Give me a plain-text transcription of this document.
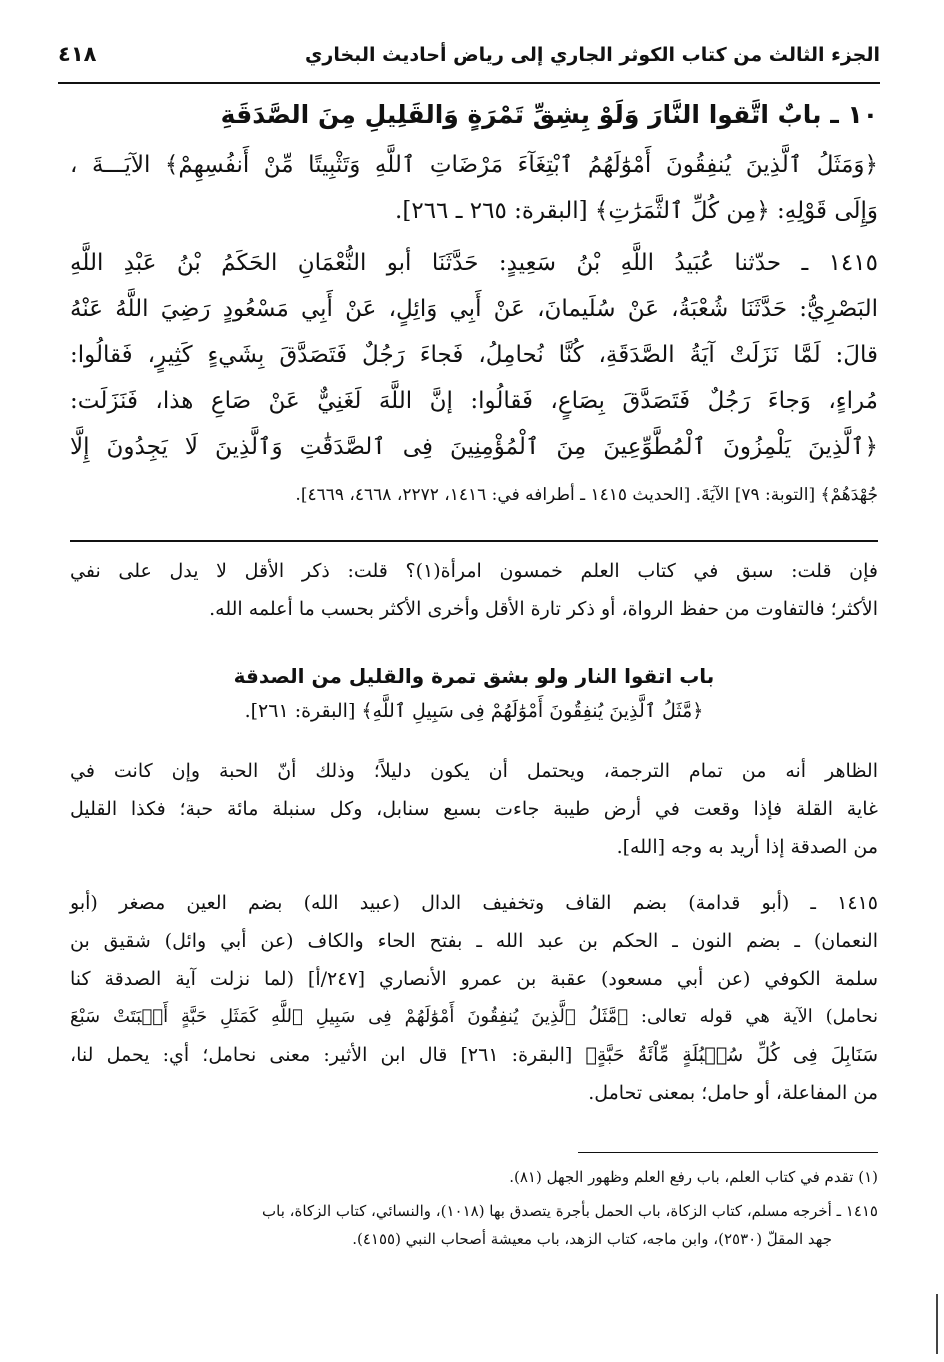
الجزء الثالث من كتاب الكوثر الجاري إلى رياض أحاديث البخاري
٤١٨
١٠ ـ بابٌ اتَّقوا النَّارَ وَلَوْ بِشِقِّ تَمْرَةٍ وَالقَلِيلِ مِنَ الصَّدَقَةِ
﴿وَمَثَلُ ٱلَّذِينَ يُنفِقُونَ أَمْوَٰلَهُمُ ٱبْتِغَآءَ مَرْضَاتِ ٱللَّهِ وَتَثْبِيتًا مِّنْ أَنفُسِهِمْ﴾ الآيَـــةَ ،
وَإِلَى قَوْلِهِ: ﴿مِن كُلِّ ٱلثَّمَرَٰتِ﴾ [البقرة: ٢٦٥ ـ ٢٦٦].
١٤١٥ ـ حدّثنا عُبَيدُ اللَّهِ بْنُ سَعِيدٍ: حَدَّثَنَا أبو النُّعْمَانِ الحَكَمُ بْنُ عَبْدِ اللَّهِ
البَصْرِيُّ: حَدَّثَنَا شُعْبَةُ، عَنْ سُلَيمانَ، عَنْ أَبِي وَائِلٍ، عَنْ أَبِي مَسْعُودٍ رَضِيَ اللَّهُ عَنْهُ
قالَ: لَمَّا نَزَلَتْ آيَةُ الصَّدَقَةِ، كُنَّا نُحامِلُ، فَجاءَ رَجُلٌ فَتَصَدَّقَ بِشَيءٍ كَثِيرٍ، فَقالُوا:
مُراءٍ، وَجاءَ رَجُلٌ فَتَصَدَّقَ بِصَاعٍ، فَقالُوا: إنَّ اللَّهَ لَغَنِيٌّ عَنْ صَاعِ هذا، فَنَزَلَت:
﴿ٱلَّذِينَ يَلْمِزُونَ ٱلْمُطَّوِّعِينَ مِنَ ٱلْمُؤْمِنِينَ فِى ٱلصَّدَقَٰتِ وَٱلَّذِينَ لَا يَجِدُونَ إِلَّا
جُهْدَهُمْ﴾ [التوبة: ٧٩] الآيَةَ. [الحديث ١٤١٥ ـ أطرافه في: ١٤١٦، ٢٢٧٢، ٤٦٦٨، ٤٦٦٩].
فإن قلت: سبق في كتاب العلم خمسون امرأة(١)؟ قلت: ذكر الأقل لا يدل على نفي
الأكثر؛ فالتفاوت من حفظ الرواة، أو ذكر تارة الأقل وأخرى الأكثر بحسب ما أعلمه الله.
باب اتقوا النار ولو بشق تمرة والقليل من الصدقة
﴿مَّثَلُ ٱلَّذِينَ يُنفِقُونَ أَمْوَٰلَهُمْ فِى سَبِيلِ ٱللَّهِ﴾ [البقرة: ٢٦١].
الظاهر أنه من تمام الترجمة، ويحتمل أن يكون دليلاً؛ وذلك أنّ الحبة وإن كانت في
غاية القلة فإذا وقعت في أرض طيبة جاءت بسبع سنابل، وكل سنبلة مائة حبة؛ فكذا القليل
من الصدقة إذا أريد به وجه [الله].
١٤١٥ ـ (أبو قدامة) بضم القاف وتخفيف الدال (عبيد الله) بضم العين مصغر (أبو
النعمان) ـ بضم النون ـ الحكم بن عبد الله ـ بفتح الحاء والكاف (عن أبي وائل) شقيق بن
سلمة الكوفي (عن أبي مسعود) عقبة بن عمرو الأنصاري [٢٤٧/أ] (لما نزلت آية الصدقة كنا
نحامل) الآية هي قوله تعالى: ﴿مَّثَلُ ٱلَّذِينَ يُنفِقُونَ أَمْوَٰلَهُمْ فِى سَبِيلِ ٱللَّهِ كَمَثَلِ حَبَّةٍ أَنۢبَتَتْ سَبْعَ
سَنَابِلَ فِى كُلِّ سُنۢبُلَةٍ مِّاْئَةُ حَبَّةٍ﴾ [البقرة: ٢٦١] قال ابن الأثير: معنى نحامل؛ أي: يحمل لنا،
من المفاعلة، أو حامل؛ بمعنى تحامل.
(١) تقدم في كتاب العلم، باب رفع العلم وظهور الجهل (٨١).
١٤١٥ ـ أخرجه مسلم، كتاب الزكاة، باب الحمل بأجرة يتصدق بها (١٠١٨)، والنسائي، كتاب الزكاة، باب
جهد المقلّ (٢٥٣٠)، وابن ماجه، كتاب الزهد، باب معيشة أصحاب النبي (٤١٥٥).
